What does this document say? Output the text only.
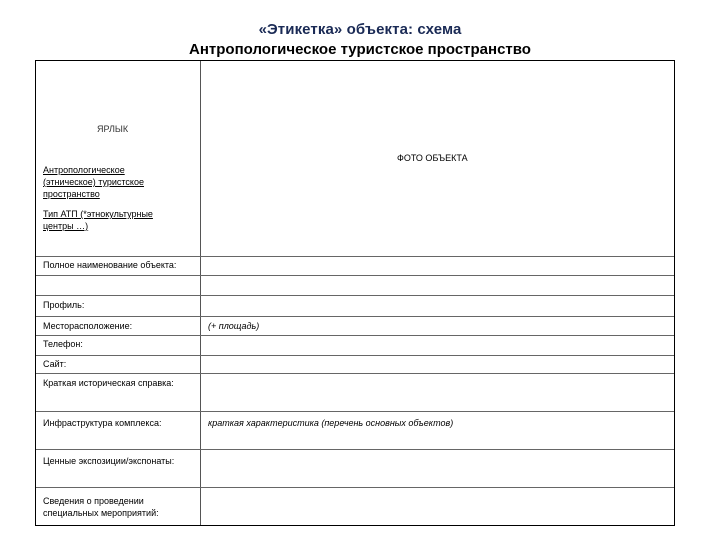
«Этикетка» объекта: схема
Антропологическое туристское пространство
ЯРЛЫК
Антропологическое
(этническое) туристское
пространство
Тип АТП (*этнокультурные
центры …)
ФОТО ОБЪЕКТА
Полное наименование объекта:
Профиль:
Месторасположение:	(+ площадь)
Телефон:
Сайт:
Краткая историческая справка:
Инфраструктура комплекса:	краткая характеристика (перечень основных объектов)
Ценные экспозиции/экспонаты:
Сведения о проведении
специальных мероприятий:
